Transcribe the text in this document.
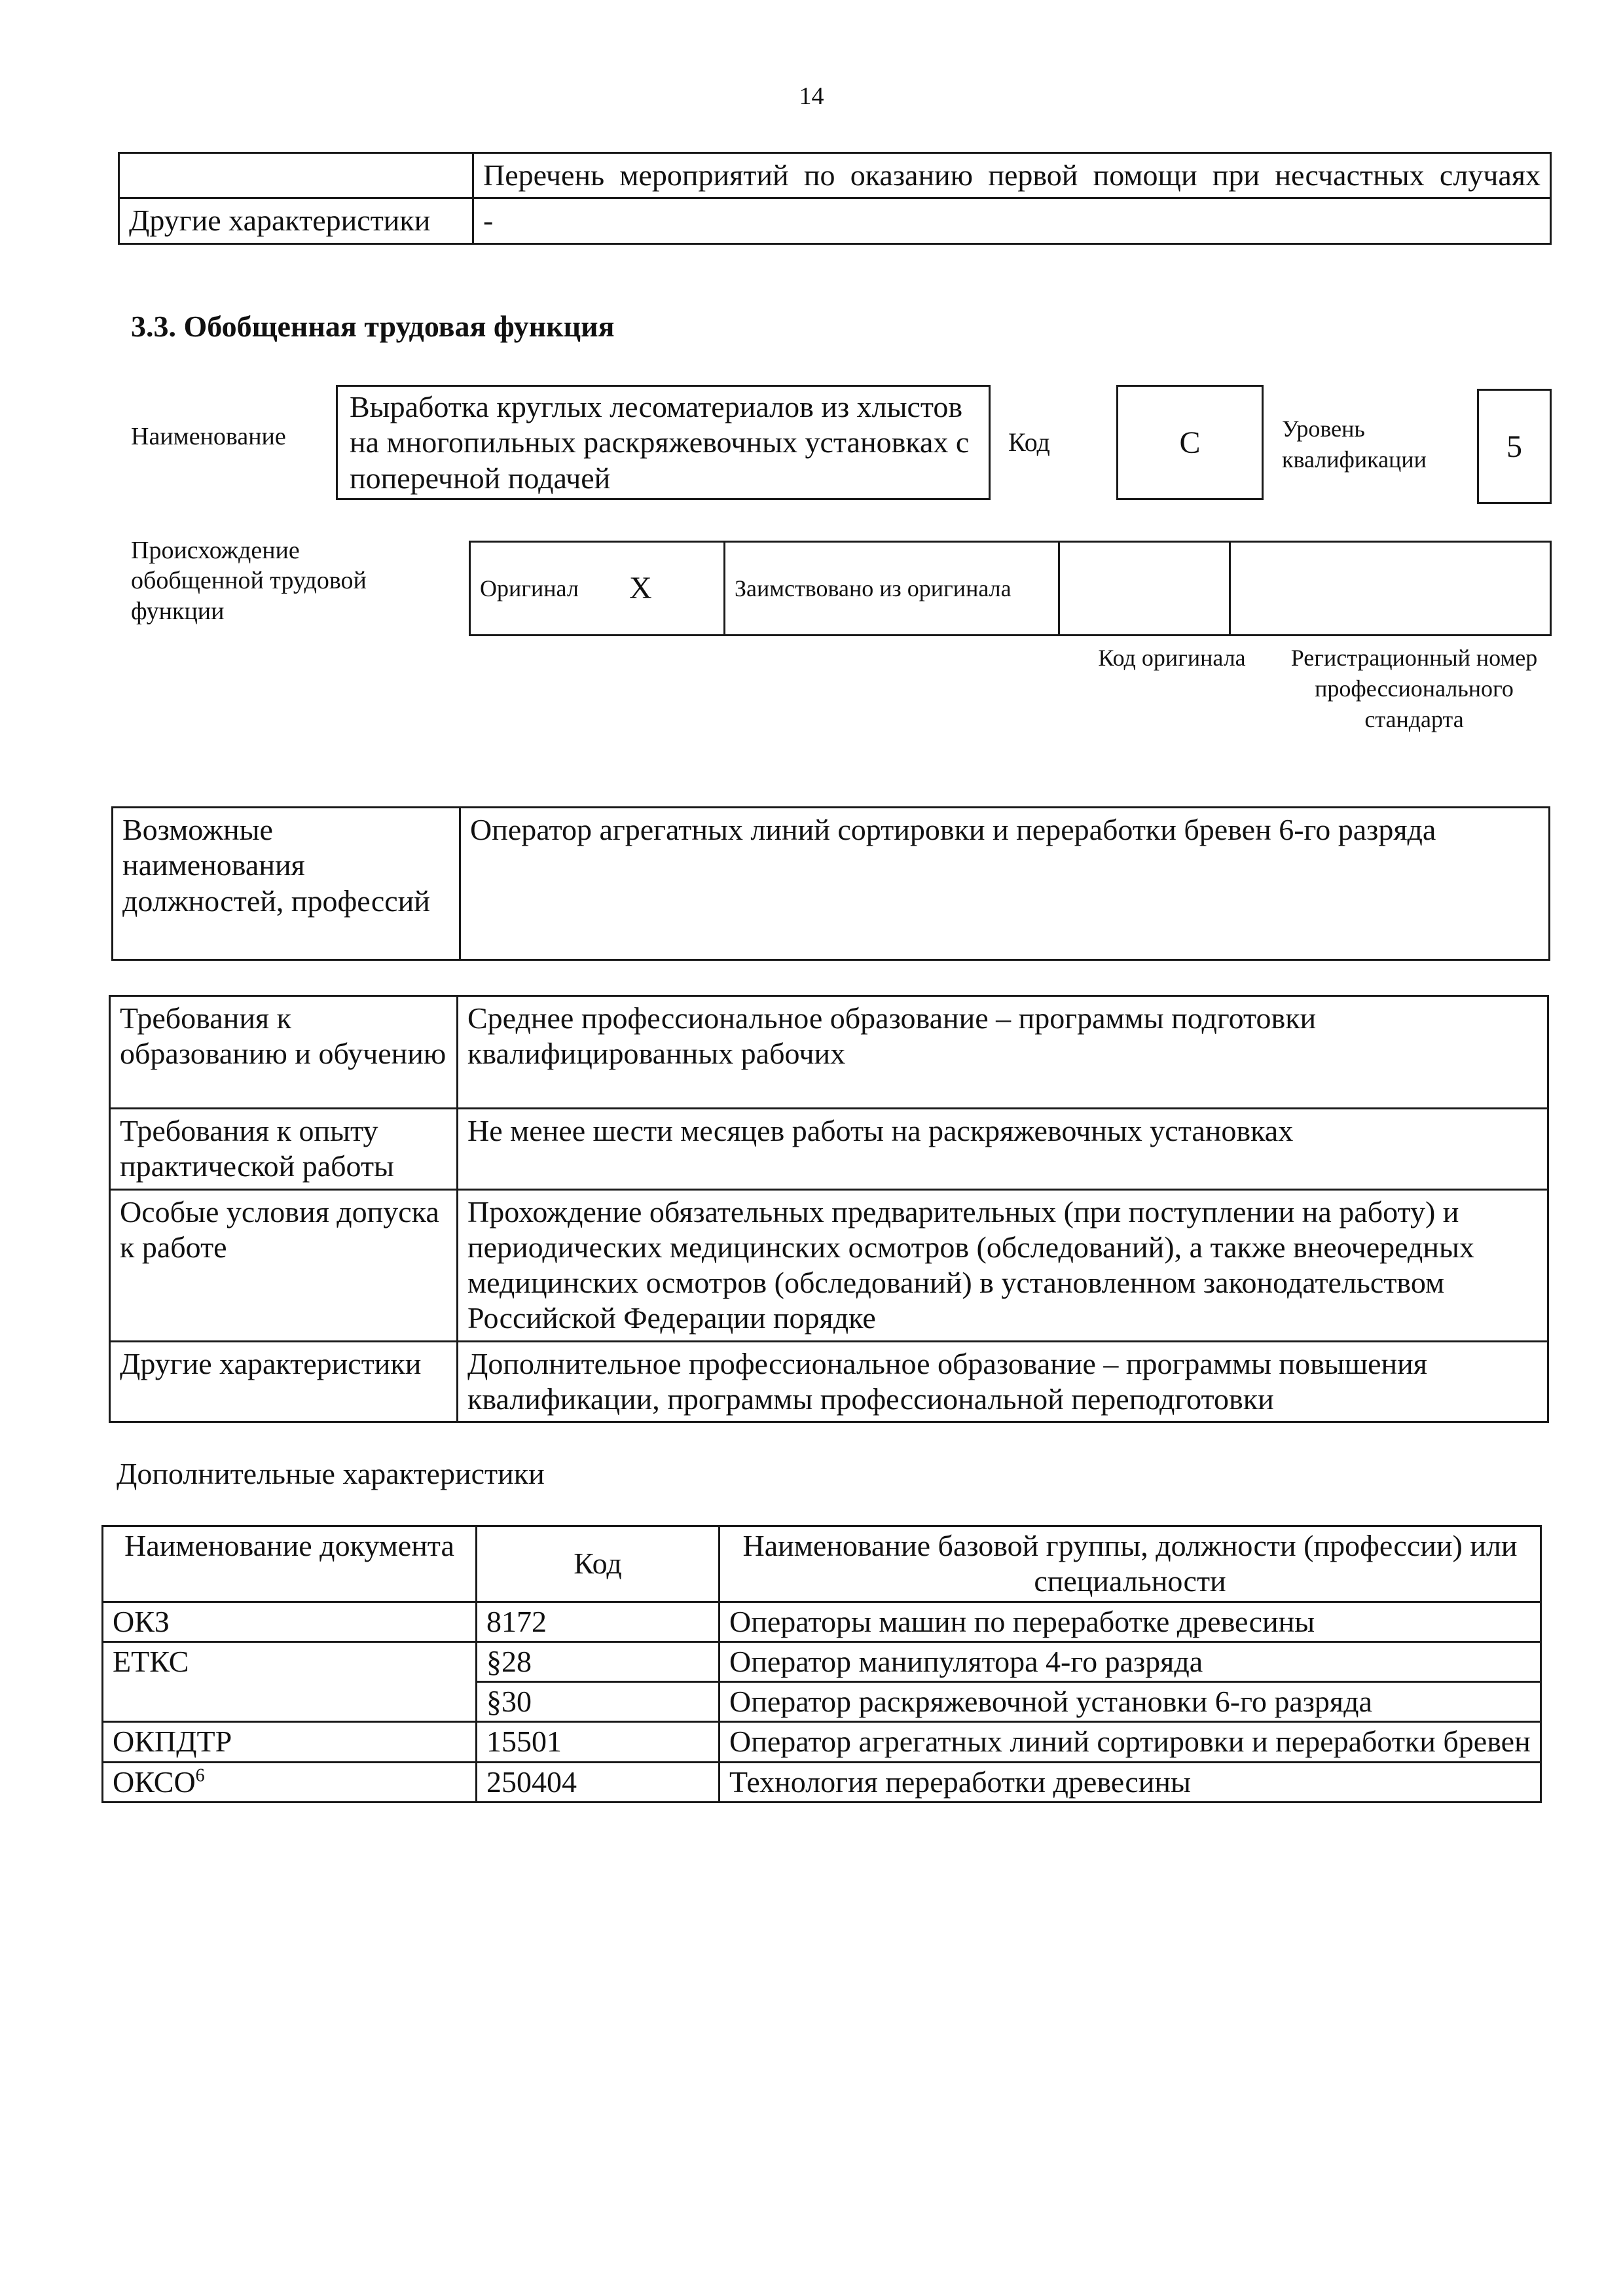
14
	Перечень мероприятий по оказанию первой помощи при несчастных случаях
Другие характеристики	-
3.3. Обобщенная трудовая функция
Наименование
Выработка круглых лесоматериалов из хлыстов на многопильных раскряжевочных установках с поперечной подачей
Код	С	Уровень квалификации	5
Происхождение обобщенной трудовой функции
Оригинал	Х	Заимствовано из оригинала		
Код оригинала	Регистрационный номер профессионального стандарта
Возможные наименования должностей, профессий	Оператор агрегатных линий сортировки и переработки бревен 6-го разряда
Требования к образованию и обучению	Среднее профессиональное образование – программы подготовки квалифицированных рабочих
Требования к опыту практической работы	Не менее шести месяцев работы на раскряжевочных установках
Особые условия допуска к работе	Прохождение обязательных предварительных (при поступлении на работу) и периодических медицинских осмотров (обследований), а также внеочередных медицинских осмотров (обследований) в установленном законодательством Российской Федерации порядке
Другие характеристики	Дополнительное профессиональное образование – программы повышения квалификации, программы профессиональной переподготовки
Дополнительные характеристики
Наименование документа	Код	Наименование базовой группы, должности (профессии) или специальности
ОКЗ	8172	Операторы машин по переработке древесины
ЕТКС	§28	Оператор манипулятора 4-го разряда
	§30	Оператор раскряжевочной установки 6-го разряда
ОКПДТР	15501	Оператор агрегатных линий сортировки и переработки бревен
ОКСО$^6$	250404	Технология переработки древесины
